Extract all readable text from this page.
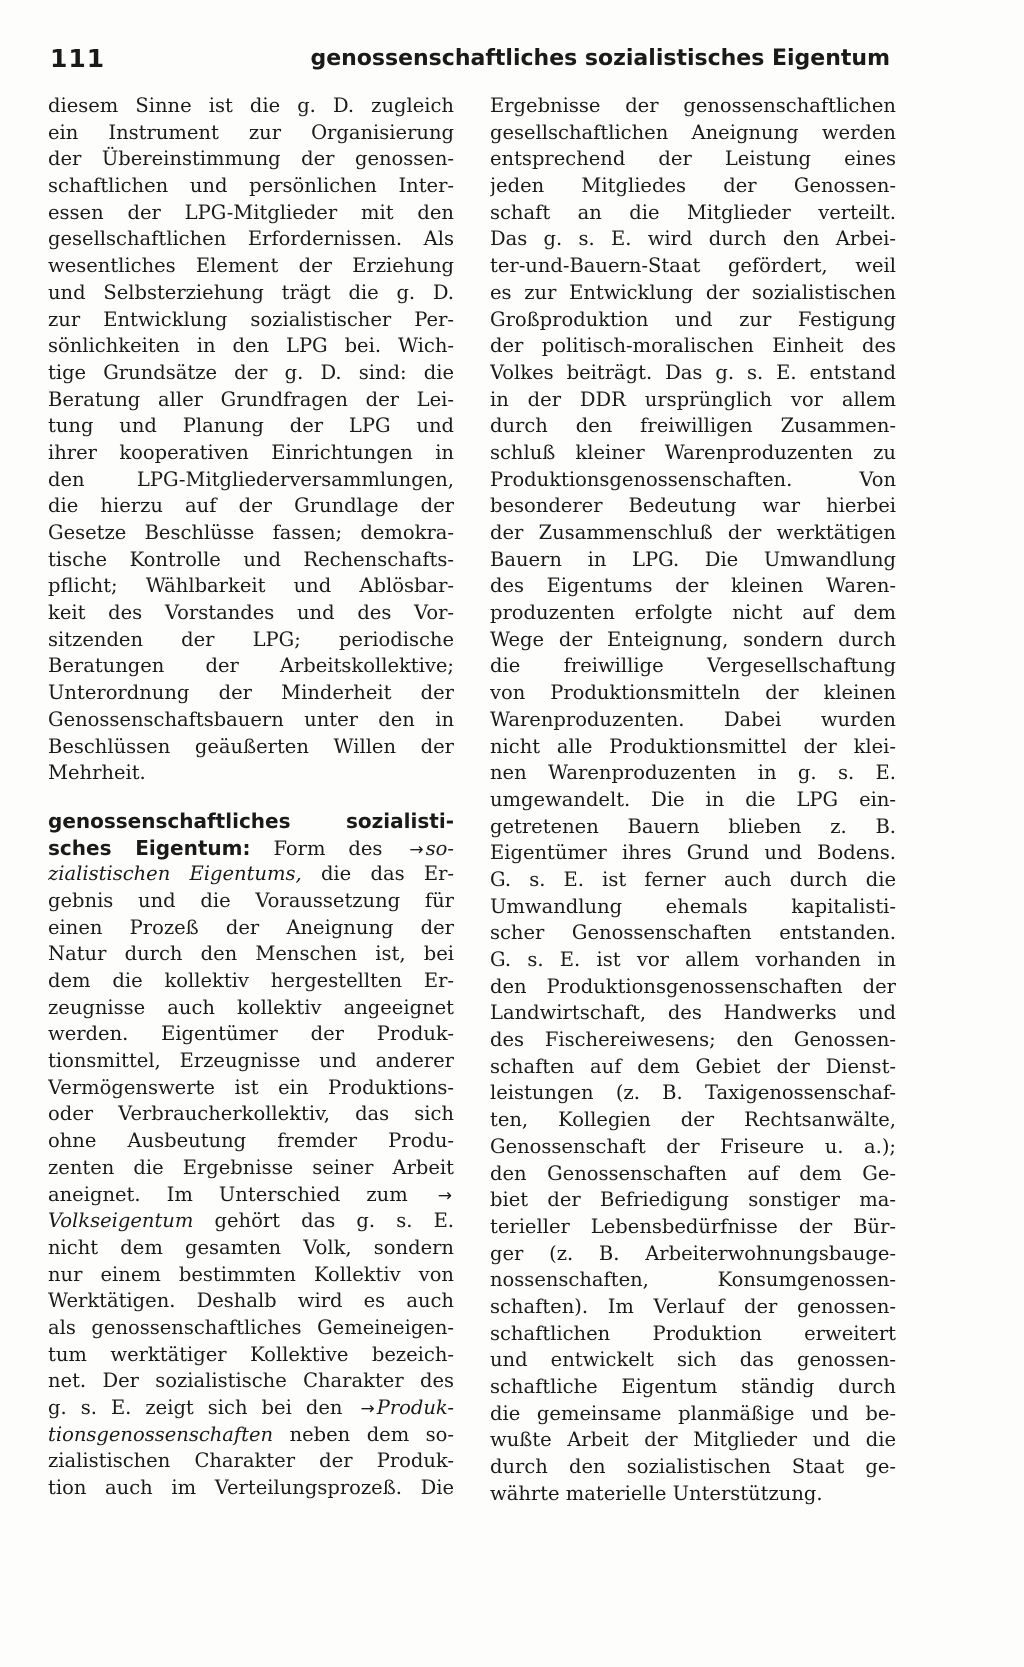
111	genossenschaftliches sozialistisches Eigentum
diesem Sinne ist die g. D. zugleich
ein Instrument zur Organisierung
der Übereinstimmung der genossen-
schaftlichen und persönlichen Inter-
essen der LPG-Mitglieder mit den
gesellschaftlichen Erfordernissen. Als
wesentliches Element der Erziehung
und Selbsterziehung trägt die g. D.
zur Entwicklung sozialistischer Per-
sönlichkeiten in den LPG bei. Wich-
tige Grundsätze der g. D. sind: die
Beratung aller Grundfragen der Lei-
tung und Planung der LPG und
ihrer kooperativen Einrichtungen in
den LPG-Mitgliederversammlungen,
die hierzu auf der Grundlage der
Gesetze Beschlüsse fassen; demokra-
tische Kontrolle und Rechenschafts-
pflicht; Wählbarkeit und Ablösbar-
keit des Vorstandes und des Vor-
sitzenden der LPG; periodische
Beratungen der Arbeitskollektive;
Unterordnung der Minderheit der
Genossenschaftsbauern unter den in
Beschlüssen geäußerten Willen der
Mehrheit.
genossenschaftliches sozialisti-
sches Eigentum: Form des → so-
zialistischen Eigentums, die das Er-
gebnis und die Voraussetzung für
einen Prozeß der Aneignung der
Natur durch den Menschen ist, bei
dem die kollektiv hergestellten Er-
zeugnisse auch kollektiv angeeignet
werden. Eigentümer der Produk-
tionsmittel, Erzeugnisse und anderer
Vermögenswerte ist ein Produktions-
oder Verbraucherkollektiv, das sich
ohne Ausbeutung fremder Produ-
zenten die Ergebnisse seiner Arbeit
aneignet. Im Unterschied zum →
Volkseigentum gehört das g. s. E.
nicht dem gesamten Volk, sondern
nur einem bestimmten Kollektiv von
Werktätigen. Deshalb wird es auch
als genossenschaftliches Gemeineigen-
tum werktätiger Kollektive bezeich-
net. Der sozialistische Charakter des
g. s. E. zeigt sich bei den → Produk-
tionsgenossenschaften neben dem so-
zialistischen Charakter der Produk-
tion auch im Verteilungsprozeß. Die
Ergebnisse der genossenschaftlichen
gesellschaftlichen Aneignung werden
entsprechend der Leistung eines
jeden Mitgliedes der Genossen-
schaft an die Mitglieder verteilt.
Das g. s. E. wird durch den Arbei-
ter-und-Bauern-Staat gefördert, weil
es zur Entwicklung der sozialistischen
Großproduktion und zur Festigung
der politisch-moralischen Einheit des
Volkes beiträgt. Das g. s. E. entstand
in der DDR ursprünglich vor allem
durch den freiwilligen Zusammen-
schluß kleiner Warenproduzenten zu
Produktionsgenossenschaften. Von
besonderer Bedeutung war hierbei
der Zusammenschluß der werktätigen
Bauern in LPG. Die Umwandlung
des Eigentums der kleinen Waren-
produzenten erfolgte nicht auf dem
Wege der Enteignung, sondern durch
die freiwillige Vergesellschaftung
von Produktionsmitteln der kleinen
Warenproduzenten. Dabei wurden
nicht alle Produktionsmittel der klei-
nen Warenproduzenten in g. s. E.
umgewandelt. Die in die LPG ein-
getretenen Bauern blieben z. B.
Eigentümer ihres Grund und Bodens.
G. s. E. ist ferner auch durch die
Umwandlung ehemals kapitalisti-
scher Genossenschaften entstanden.
G. s. E. ist vor allem vorhanden in
den Produktionsgenossenschaften der
Landwirtschaft, des Handwerks und
des Fischereiwesens; den Genossen-
schaften auf dem Gebiet der Dienst-
leistungen (z. B. Taxigenossenschaf-
ten, Kollegien der Rechtsanwälte,
Genossenschaft der Friseure u. a.);
den Genossenschaften auf dem Ge-
biet der Befriedigung sonstiger ma-
terieller Lebensbedürfnisse der Bür-
ger (z. B. Arbeiterwohnungsbauge-
nossenschaften, Konsumgenossen-
schaften). Im Verlauf der genossen-
schaftlichen Produktion erweitert
und entwickelt sich das genossen-
schaftliche Eigentum ständig durch
die gemeinsame planmäßige und be-
wußte Arbeit der Mitglieder und die
durch den sozialistischen Staat ge-
währte materielle Unterstützung.
